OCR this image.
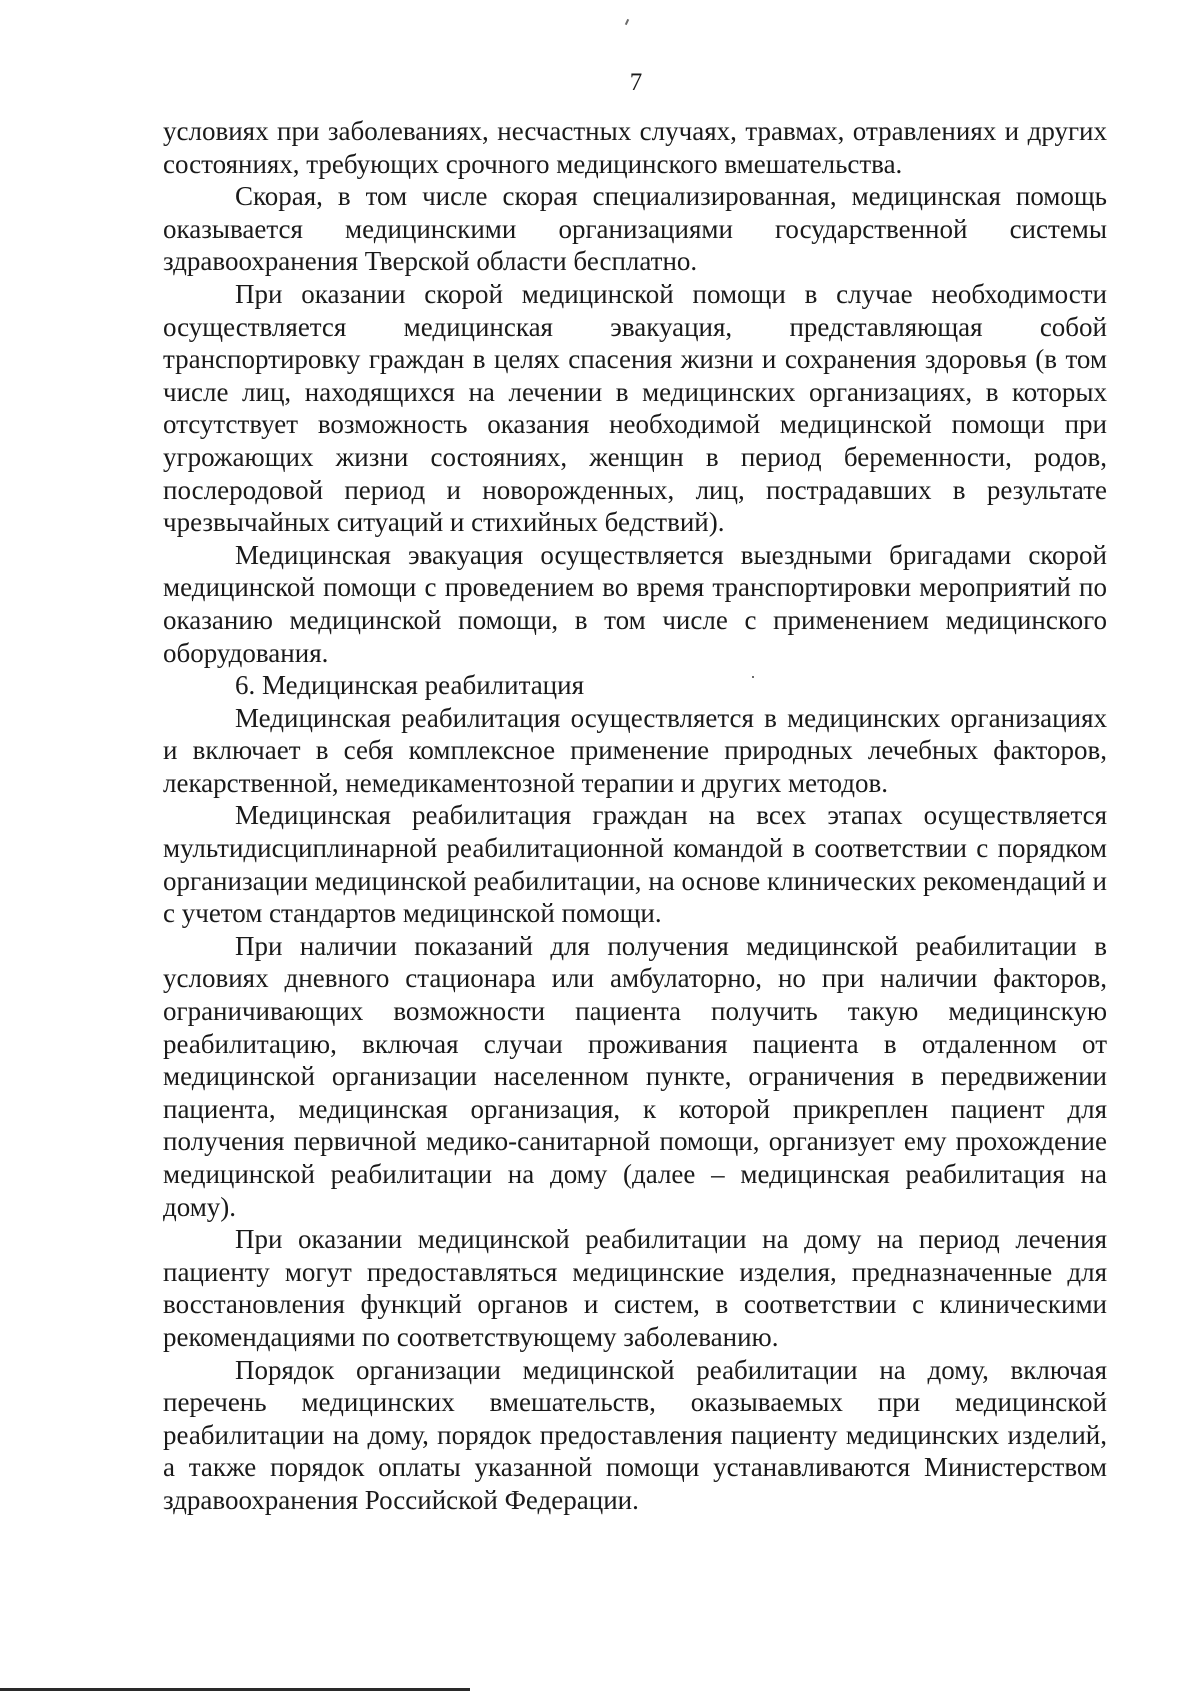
7

условиях при заболеваниях, несчастных случаях, травмах, отравлениях и других состояниях, требующих срочного медицинского вмешательства.

Скорая, в том числе скорая специализированная, медицинская помощь оказывается медицинскими организациями государственной системы здравоохранения Тверской области бесплатно.

При оказании скорой медицинской помощи в случае необходимости осуществляется медицинская эвакуация, представляющая собой транспортировку граждан в целях спасения жизни и сохранения здоровья (в том числе лиц, находящихся на лечении в медицинских организациях, в которых отсутствует возможность оказания необходимой медицинской помощи при угрожающих жизни состояниях, женщин в период беременности, родов, послеродовой период и новорожденных, лиц, пострадавших в результате чрезвычайных ситуаций и стихийных бедствий).

Медицинская эвакуация осуществляется выездными бригадами скорой медицинской помощи с проведением во время транспортировки мероприятий по оказанию медицинской помощи, в том числе с применением медицинского оборудования.

6. Медицинская реабилитация

Медицинская реабилитация осуществляется в медицинских организациях и включает в себя комплексное применение природных лечебных факторов, лекарственной, немедикаментозной терапии и других методов.

Медицинская реабилитация граждан на всех этапах осуществляется мультидисциплинарной реабилитационной командой в соответствии с порядком организации медицинской реабилитации, на основе клинических рекомендаций и с учетом стандартов медицинской помощи.

При наличии показаний для получения медицинской реабилитации в условиях дневного стационара или амбулаторно, но при наличии факторов, ограничивающих возможности пациента получить такую медицинскую реабилитацию, включая случаи проживания пациента в отдаленном от медицинской организации населенном пункте, ограничения в передвижении пациента, медицинская организация, к которой прикреплен пациент для получения первичной медико-санитарной помощи, организует ему прохождение медицинской реабилитации на дому (далее – медицинская реабилитация на дому).

При оказании медицинской реабилитации на дому на период лечения пациенту могут предоставляться медицинские изделия, предназначенные для восстановления функций органов и систем, в соответствии с клиническими рекомендациями по соответствующему заболеванию.

Порядок организации медицинской реабилитации на дому, включая перечень медицинских вмешательств, оказываемых при медицинской реабилитации на дому, порядок предоставления пациенту медицинских изделий, а также порядок оплаты указанной помощи устанавливаются Министерством здравоохранения Российской Федерации.
